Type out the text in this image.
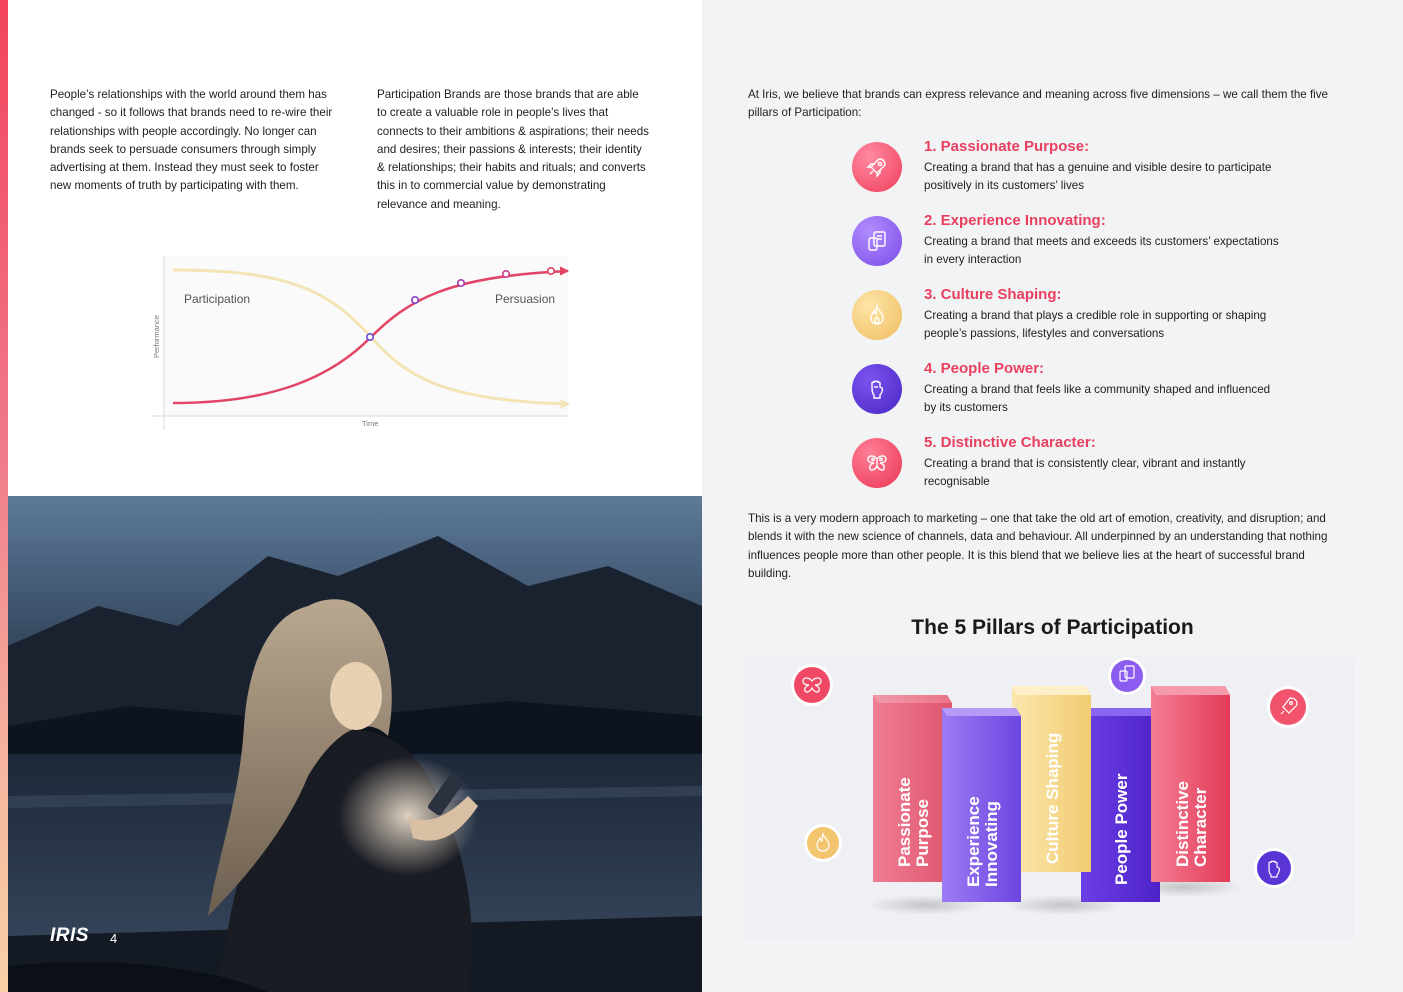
People’s relationships with the world around them has changed - so it follows that brands need to re-wire their relationships with people accordingly. No longer can brands seek to persuade consumers through simply advertising at them. Instead they must seek to foster new moments of truth by participating with them.

Participation Brands are those brands that are able to create a valuable role in people’s lives that connects to their ambitions & aspirations; their needs and desires; their passions & interests; their identity & relationships; their habits and rituals; and converts this in to commercial value by demonstrating relevance and meaning.

Participation	Persuasion
Time
Performance
IRIS 4

At Iris, we believe that brands can express relevance and meaning across five dimensions – we call them the five pillars of Participation:

1. Passionate Purpose:
Creating a brand that has a genuine and visible desire to participate positively in its customers’ lives
2. Experience Innovating:
Creating a brand that meets and exceeds its customers’ expectations in every interaction
3. Culture Shaping:
Creating a brand that plays a credible role in supporting or shaping people’s passions, lifestyles and conversations
4. People Power:
Creating a brand that feels like a community shaped and influenced by its customers
5. Distinctive Character:
Creating a brand that is consistently clear, vibrant and instantly recognisable

This is a very modern approach to marketing – one that take the old art of emotion, creativity, and disruption; and blends it with the new science of channels, data and behaviour. All underpinned by an understanding that nothing influences people more than other people. It is this blend that we believe lies at the heart of successful brand building.

The 5 Pillars of Participation
PassionatePurpose	People Power
Culture Shaping
ExperienceInnovating	DistinctiveCharacter
